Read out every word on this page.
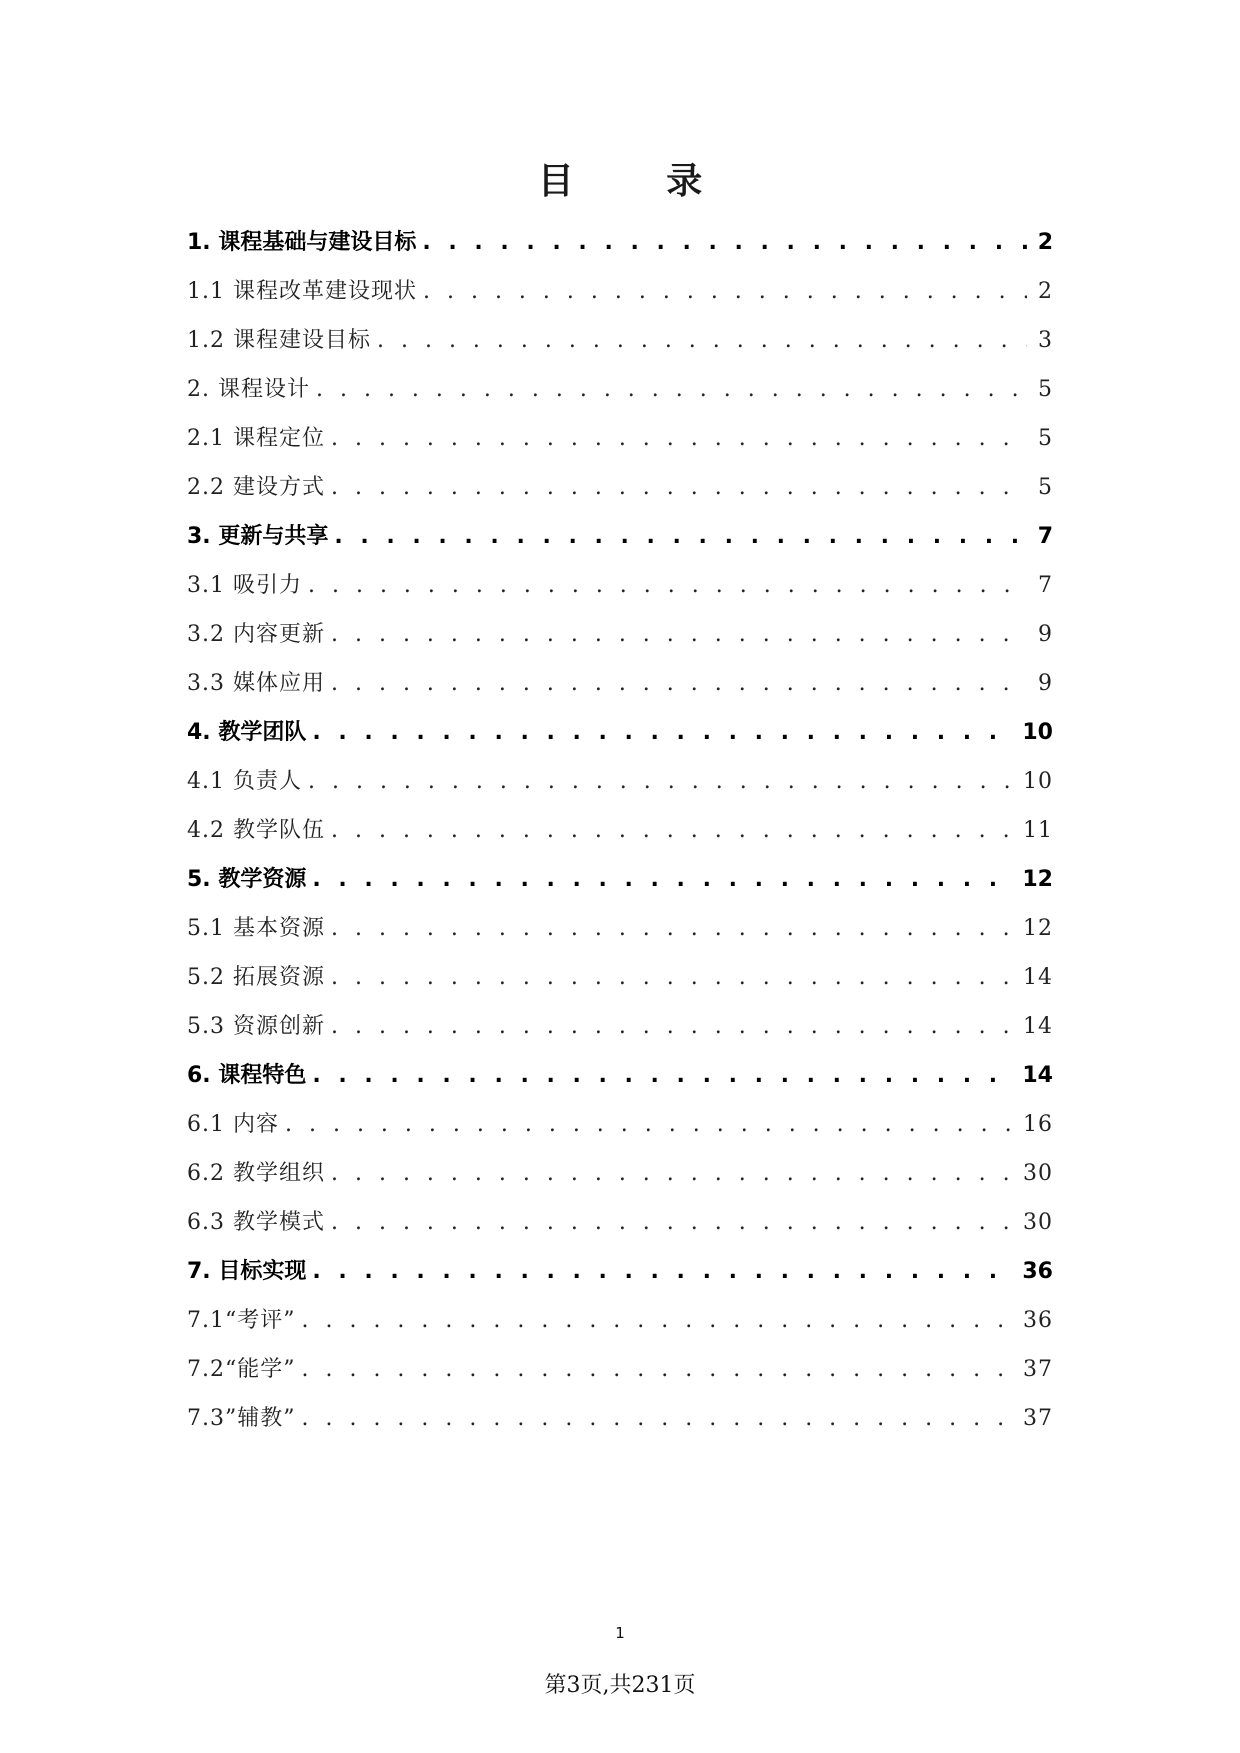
目 录
1. 课程基础与建设目标 . . .	2
1.1 课程改革建设现状 . . .	2
1.2 课程建设目标 . . .	3
2. 课程设计 . . .	5
2.1 课程定位 . . .	5
2.2 建设方式 . . .	5
3. 更新与共享 . . .	7
3.1 吸引力 . . .	7
3.2 内容更新 . . .	9
3.3 媒体应用 . . .	9
4. 教学团队 . . .	10
4.1 负责人 . . .	10
4.2 教学队伍 . . .	11
5. 教学资源 . . .	12
5.1 基本资源 . . .	12
5.2 拓展资源 . . .	14
5.3 资源创新 . . .	14
6. 课程特色 . . .	14
6.1 内容 . . .	16
6.2 教学组织 . . .	30
6.3 教学模式 . . .	30
7. 目标实现 . . .	36
7.1“考评” . . .	36
7.2“能学” . . .	37
7.3”辅教” . . .	37
1
第3页,共231页
